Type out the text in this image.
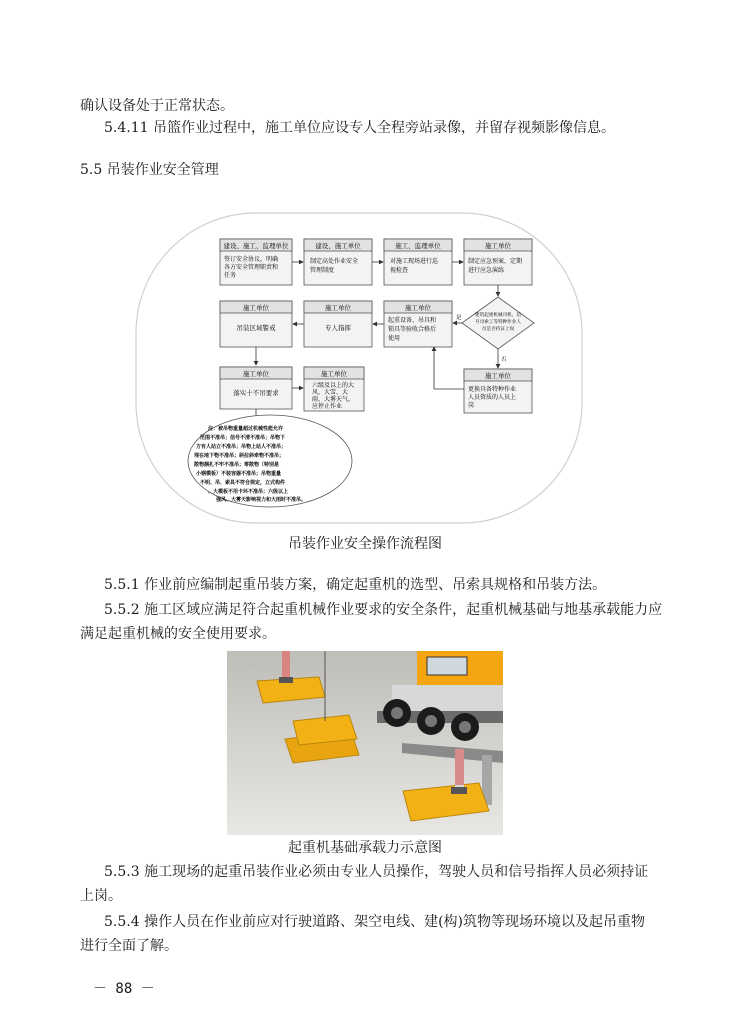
确认设备处于正常状态。
5.4.11 吊篮作业过程中，施工单位应设专人全程旁站录像，并留存视频影像信息。
5.5 吊装作业安全管理
建设、施工、监理单位
签订安全协议，明确
各方安全管理职责和
任务
建设、施工单位
制定高处作业安全
管理制度
施工、监理单位
对施工现场进行巡
视检查
施工单位
制定应急预案，定期
进行应急演练
建筑起重机械司机、信
号司索工等特种作业人
员是否持证上岗
是
否
施工单位
吊装区域警戒
施工单位
专人指挥
施工单位
起重设备、吊具和
锁具等验收合格后
使用
施工单位
落实十不吊要求
施工单位
六级及以上的大
风、大雪、大
雨、大雾天气，
应停止作业
施工单位
更换具备特种作业
人员资质的人员上
岗
注：被吊物重量超过机械性能允许
范围不准吊；信号不清不准吊；吊物下
方有人站立不准吊；吊物上站人不准吊；
埋在地下物不准吊；斜拉斜牵物不准吊；
散物捆扎不牢不准吊；零散物（特别是
小钢模板）不装容器不准吊；吊物重量
不明、吊、索具不符合规定，立式构件
、大模板不用卡环不准吊；六级以上
强风、大雾天影响视力和大雨时不准吊。
吊装作业安全操作流程图
5.5.1 作业前应编制起重吊装方案，确定起重机的选型、吊索具规格和吊装方法。
5.5.2 施工区域应满足符合起重机械作业要求的安全条件，起重机械基础与地基承载能力应
满足起重机械的安全使用要求。
起重机基础承载力示意图
5.5.3 施工现场的起重吊装作业必须由专业人员操作，驾驶人员和信号指挥人员必须持证
上岗。
5.5.4 操作人员在作业前应对行驶道路、架空电线、建(构)筑物等现场环境以及起吊重物
进行全面了解。
－ 88 －
